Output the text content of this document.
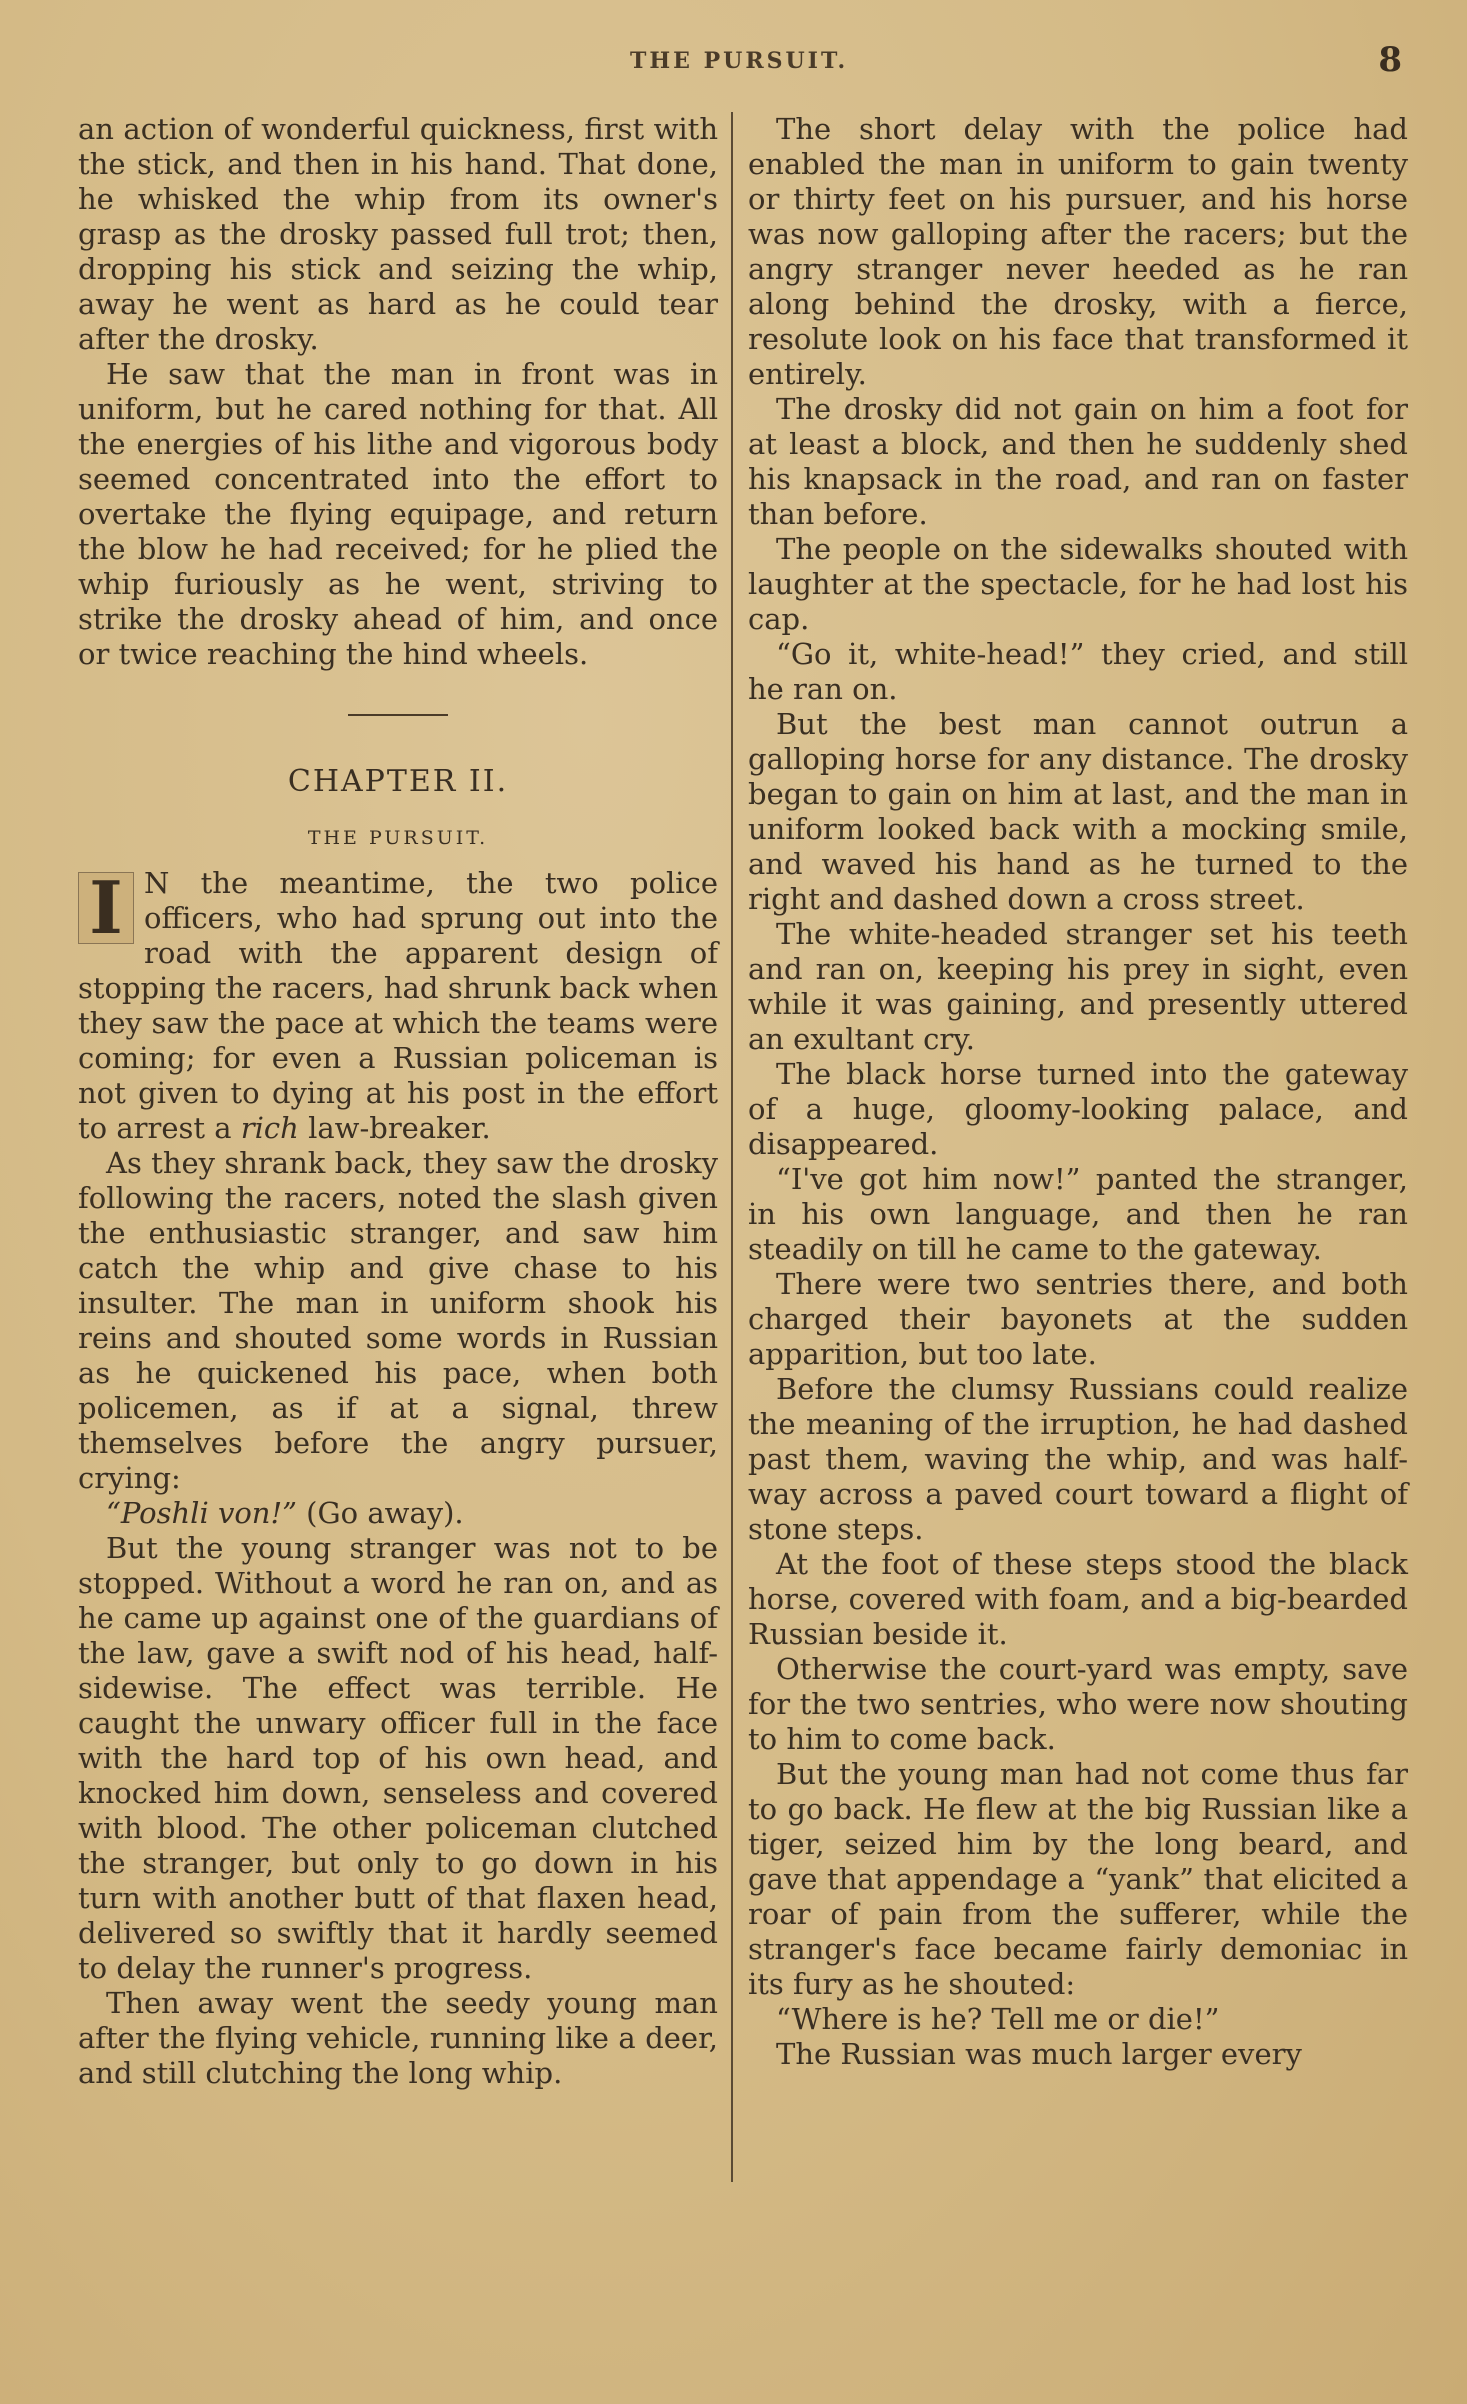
THE PURSUIT.	8

an action of wonderful quickness, first with the stick, and then in his hand. That done, he whisked the whip from its owner's grasp as the drosky passed full trot; then, dropping his stick and seizing the whip, away he went as hard as he could tear after the drosky.

He saw that the man in front was in uniform, but he cared nothing for that. All the energies of his lithe and vigorous body seemed concentrated into the effort to overtake the flying equipage, and return the blow he had received; for he plied the whip furiously as he went, striving to strike the drosky ahead of him, and once or twice reaching the hind wheels.

CHAPTER II.
THE PURSUIT.

I N the meantime, the two police officers, who had sprung out into the road with the apparent design of stopping the racers, had shrunk back when they saw the pace at which the teams were coming; for even a Russian policeman is not given to dying at his post in the effort to arrest a rich law-breaker.

As they shrank back, they saw the drosky following the racers, noted the slash given the enthusiastic stranger, and saw him catch the whip and give chase to his insulter. The man in uniform shook his reins and shouted some words in Russian as he quickened his pace, when both policemen, as if at a signal, threw themselves before the angry pursuer, crying:

“Poshli von!” (Go away).

But the young stranger was not to be stopped. Without a word he ran on, and as he came up against one of the guardians of the law, gave a swift nod of his head, half-sidewise. The effect was terrible. He caught the unwary officer full in the face with the hard top of his own head, and knocked him down, senseless and covered with blood. The other policeman clutched the stranger, but only to go down in his turn with another butt of that flaxen head, delivered so swiftly that it hardly seemed to delay the runner's progress.

Then away went the seedy young man after the flying vehicle, running like a deer, and still clutching the long whip.

The short delay with the police had enabled the man in uniform to gain twenty or thirty feet on his pursuer, and his horse was now galloping after the racers; but the angry stranger never heeded as he ran along behind the drosky, with a fierce, resolute look on his face that transformed it entirely.

The drosky did not gain on him a foot for at least a block, and then he suddenly shed his knapsack in the road, and ran on faster than before.

The people on the sidewalks shouted with laughter at the spectacle, for he had lost his cap.

“Go it, white-head!” they cried, and still he ran on.

But the best man cannot outrun a galloping horse for any distance. The drosky began to gain on him at last, and the man in uniform looked back with a mocking smile, and waved his hand as he turned to the right and dashed down a cross street.

The white-headed stranger set his teeth and ran on, keeping his prey in sight, even while it was gaining, and presently uttered an exultant cry.

The black horse turned into the gateway of a huge, gloomy-looking palace, and disappeared.

“I've got him now!” panted the stranger, in his own language, and then he ran steadily on till he came to the gateway.

There were two sentries there, and both charged their bayonets at the sudden apparition, but too late.

Before the clumsy Russians could realize the meaning of the irruption, he had dashed past them, waving the whip, and was half-way across a paved court toward a flight of stone steps.

At the foot of these steps stood the black horse, covered with foam, and a big-bearded Russian beside it.

Otherwise the court-yard was empty, save for the two sentries, who were now shouting to him to come back.

But the young man had not come thus far to go back. He flew at the big Russian like a tiger, seized him by the long beard, and gave that appendage a “yank” that elicited a roar of pain from the sufferer, while the stranger's face became fairly demoniac in its fury as he shouted:

“Where is he? Tell me or die!”

The Russian was much larger every
